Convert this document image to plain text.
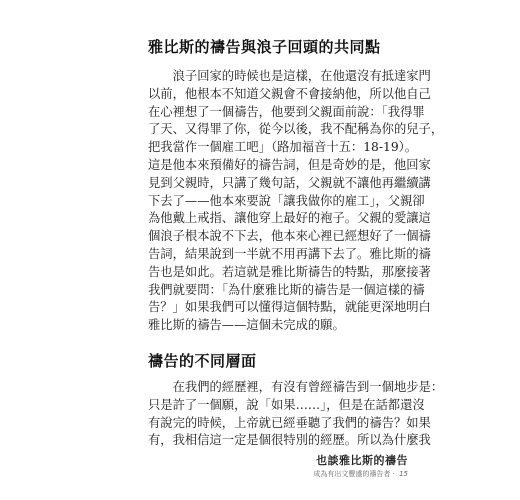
雅比斯的禱告與浪子回頭的共同點
　　浪子回家的時候也是這樣，在他還沒有抵達家門
以前，他根本不知道父親會不會接納他，所以他自己
在心裡想了一個禱告，他要到父親面前說：「我得罪
了天、又得罪了你，從今以後，我不配稱為你的兒子，
把我當作一個雇工吧」（路加福音十五：18-19）。
這是他本來預備好的禱告詞，但是奇妙的是，他回家
見到父親時，只講了幾句話，父親就不讓他再繼續講
下去了——他本來要說「讓我做你的雇工」，父親卻
為他戴上戒指、讓他穿上最好的袍子。父親的愛讓這
個浪子根本說不下去，他本來心裡已經想好了一個禱
告詞，結果說到一半就不用再講下去了。雅比斯的禱
告也是如此。若這就是雅比斯禱告的特點，那麼接著
我們就要問：「為什麼雅比斯的禱告是一個這樣的禱
告？」如果我們可以懂得這個特點，就能更深地明白
雅比斯的禱告——這個未完成的願。
禱告的不同層面
　　在我們的經歷裡，有沒有曾經禱告到一個地步是：
只是許了一個願，說「如果……」，但是在話都還沒
有說完的時候，上帝就已經垂聽了我們的禱告？如果
有，我相信這一定是個很特別的經歷。所以為什麼我
也談雅比斯的禱告
成為有出文豐盛的禱告者 · 15
